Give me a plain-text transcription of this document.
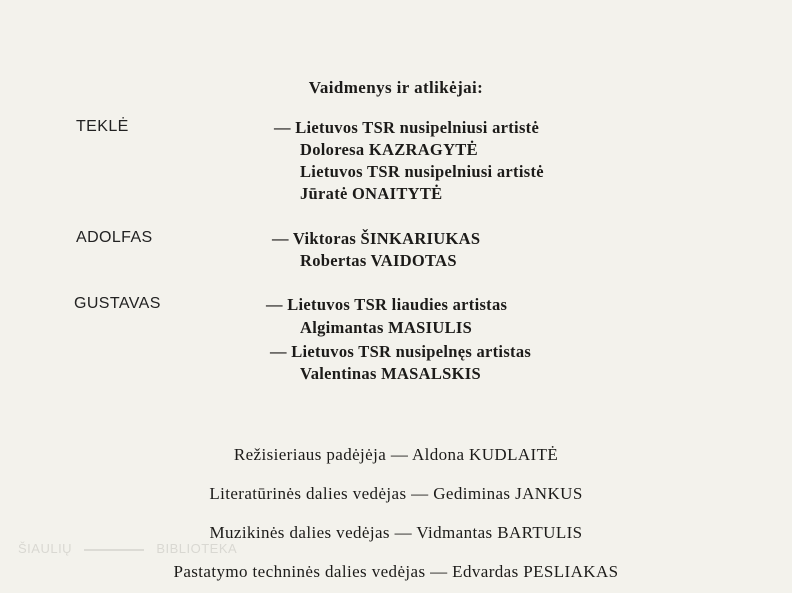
Vaidmenys ir atlikėjai:
TEKLĖ	— Lietuvos TSR nusipelniusi artistė
Doloresa KAZRAGYTĖ
Lietuvos TSR nusipelniusi artistė
Jūratė ONAITYTĖ
ADOLFAS	— Viktoras ŠINKARIUKAS
Robertas VAIDOTAS
GUSTAVAS	— Lietuvos TSR liaudies artistas
Algimantas MASIULIS
— Lietuvos TSR nusipelnęs artistas
Valentinas MASALSKIS
Režisieriaus padėjėja — Aldona KUDLAITĖ
Literatūrinės dalies vedėjas — Gediminas JANKUS
Muzikinės dalies vedėjas — Vidmantas BARTULIS
Pastatymo techninės dalies vedėjas — Edvardas PESLIAKAS
ŠIAULIŲ	BIBLIOTEKA
